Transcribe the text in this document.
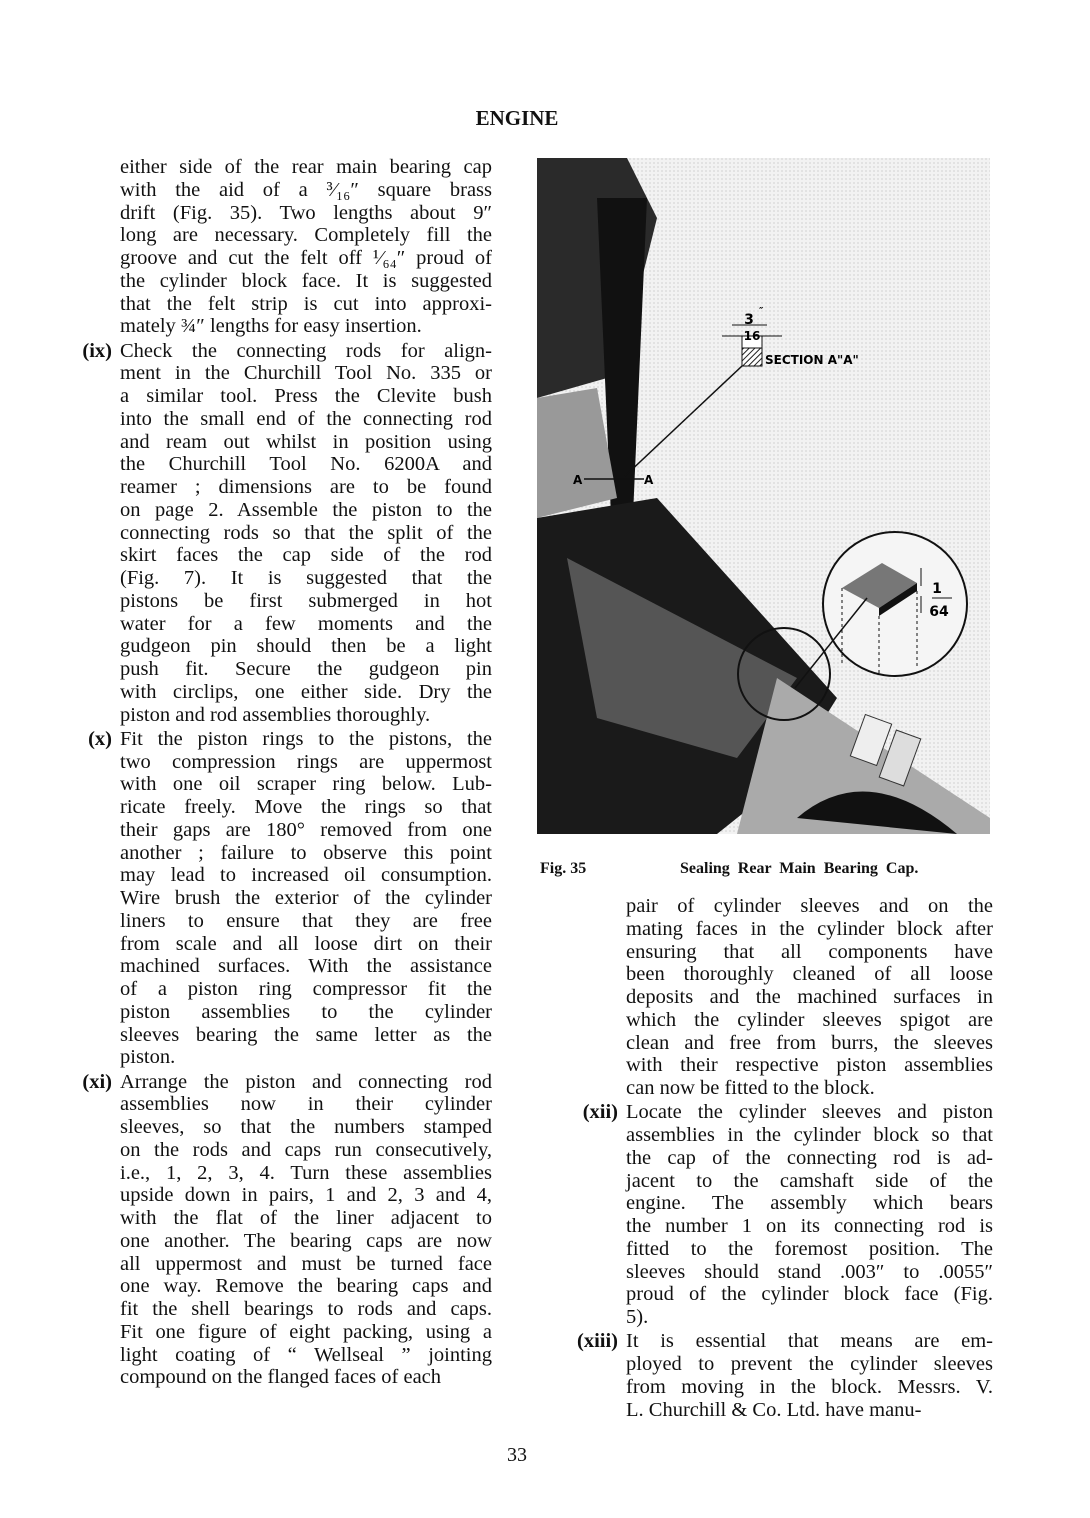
ENGINE
either side of the rear main bearing cap
with the aid of a ³⁄₁₆″ square brass
drift (Fig. 35). Two lengths about 9″
long are necessary. Completely fill the
groove and cut the felt off ¹⁄₆₄″ proud of
the cylinder block face. It is suggested
that the felt strip is cut into approxi-
mately ¾″ lengths for easy insertion.
(ix) Check the connecting rods for align-
ment in the Churchill Tool No. 335 or
a similar tool. Press the Clevite bush
into the small end of the connecting rod
and ream out whilst in position using
the Churchill Tool No. 6200A and
reamer ; dimensions are to be found
on page 2. Assemble the piston to the
connecting rods so that the split of the
skirt faces the cap side of the rod
(Fig. 7). It is suggested that the
pistons be first submerged in hot
water for a few moments and the
gudgeon pin should then be a light
push fit. Secure the gudgeon pin
with circlips, one either side. Dry the
piston and rod assemblies thoroughly.
(x) Fit the piston rings to the pistons, the
two compression rings are uppermost
with one oil scraper ring below. Lub-
ricate freely. Move the rings so that
their gaps are 180° removed from one
another ; failure to observe this point
may lead to increased oil consumption.
Wire brush the exterior of the cylinder
liners to ensure that they are free
from scale and all loose dirt on their
machined surfaces. With the assistance
of a piston ring compressor fit the
piston assemblies to the cylinder
sleeves bearing the same letter as the
piston.
(xi) Arrange the piston and connecting rod
assemblies now in their cylinder
sleeves, so that the numbers stamped
on the rods and caps run consecutively,
i.e., 1, 2, 3, 4. Turn these assemblies
upside down in pairs, 1 and 2, 3 and 4,
with the flat of the liner adjacent to
one another. The bearing caps are now
all uppermost and must be turned face
one way. Remove the bearing caps and
fit the shell bearings to rods and caps.
Fit one figure of eight packing, using a
light coating of “ Wellseal ” jointing
compound on the flanged faces of each
pair of cylinder sleeves and on the
mating faces in the cylinder block after
ensuring that all components have
been thoroughly cleaned of all loose
deposits and the machined surfaces in
which the cylinder sleeves spigot are
clean and free from burrs, the sleeves
with their respective piston assemblies
can now be fitted to the block.
(xii) Locate the cylinder sleeves and piston
assemblies in the cylinder block so that
the cap of the connecting rod is ad-
jacent to the camshaft side of the
engine. The assembly which bears
the number 1 on its connecting rod is
fitted to the foremost position. The
sleeves should stand .003″ to .0055″
proud of the cylinder block face (Fig.
5).
(xiii) It is essential that means are em-
ployed to prevent the cylinder sleeves
from moving in the block. Messrs. V.
L. Churchill & Co. Ltd. have manu-
1
64
3
″
16
SECTION A"A"
A	A
Fig. 35	Sealing Rear Main Bearing Cap.
33
